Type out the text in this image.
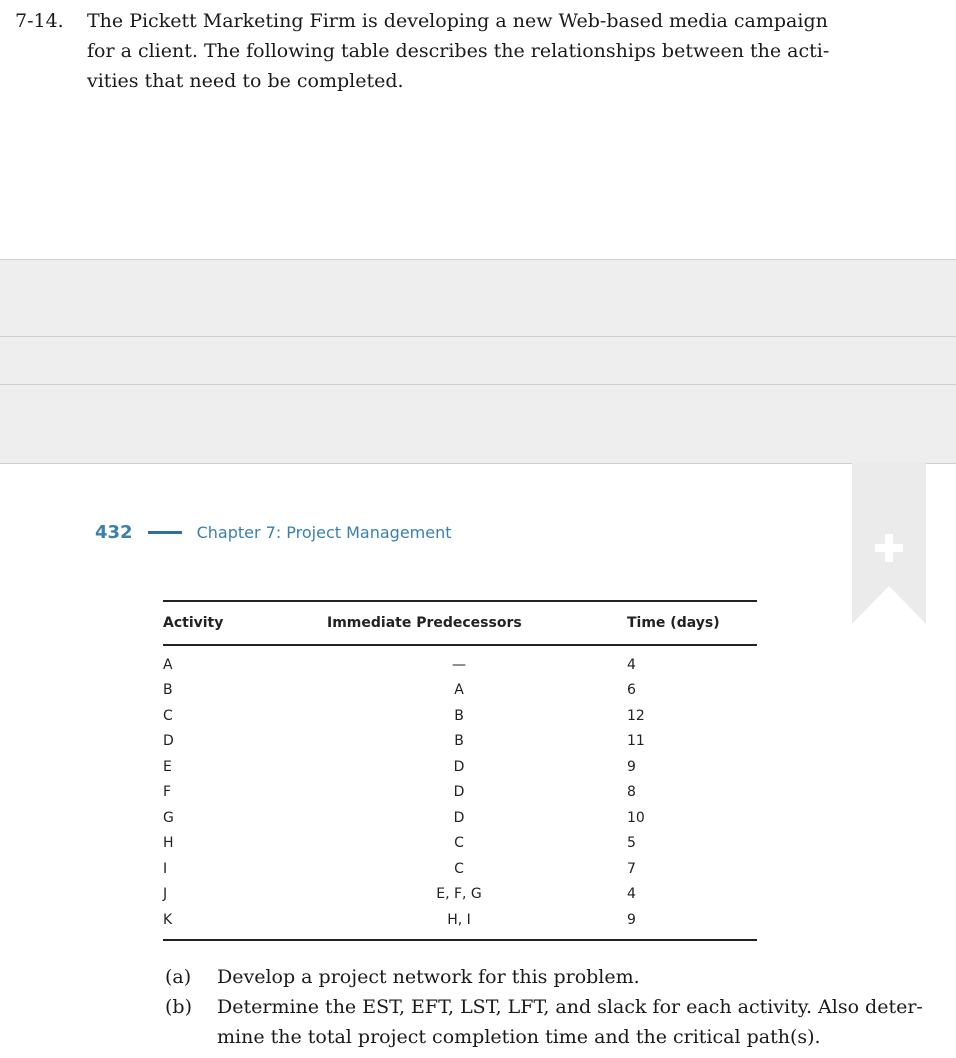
7-14. The Pickett Marketing Firm is developing a new Web-based media campaign
for a client. The following table describes the relationships between the acti-
vities that need to be completed.
432	Chapter 7: Project Management
Activity	Immediate Predecessors	Time (days)
A	—	4
B	A	6
C	B	12
D	B	11
E	D	9
F	D	8
G	D	10
H	C	5
I	C	7
J	E, F, G	4
K	H, I	9
(a) Develop a project network for this problem.
(b) Determine the EST, EFT, LST, LFT, and slack for each activity. Also deter-
mine the total project completion time and the critical path(s).
